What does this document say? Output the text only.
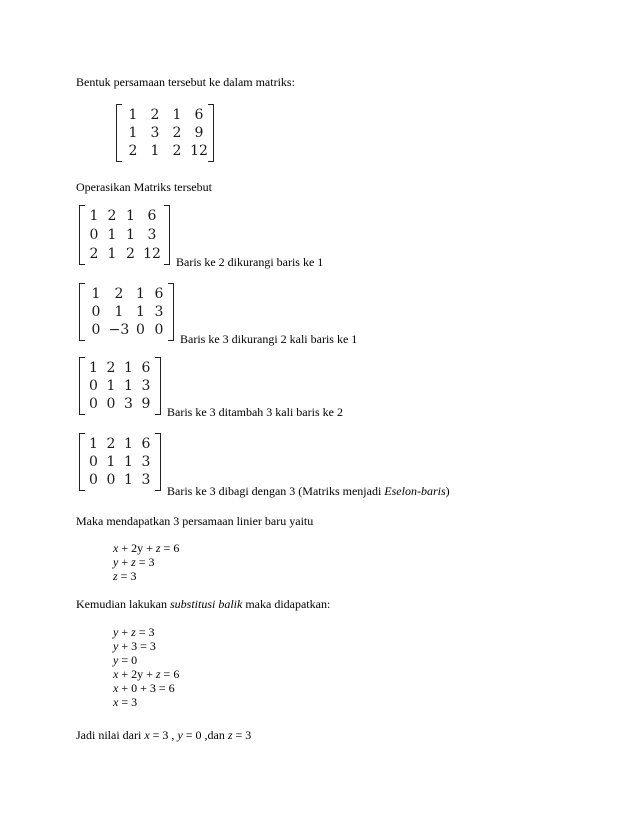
Bentuk persamaan tersebut ke dalam matriks:
1 2 1 6
1 3 2 9
2 1 2 12
Operasikan Matriks tersebut
1 2 1 6
0 1 1 3
2 1 2 12 Baris ke 2 dikurangi baris ke 1
1	2 1 6
0	1 1 3
0 −3 0 0
Baris ke 3 dikurangi 2 kali baris ke 1
1 2 1 6
0 1 1 3
0 0 3 9	Baris ke 3 ditambah 3 kali baris ke 2
1 2 1 6
0 1 1 3
0 0 1 3
Baris ke 3 dibagi dengan 3 (Matriks menjadi Eselon-baris)
Maka mendapatkan 3 persamaan linier baru yaitu
x + 2y + z = 6
y + z = 3
z = 3
Kemudian lakukan substitusi balik maka didapatkan:
y + z = 3
y + 3 = 3
y = 0
x + 2y + z = 6
x + 0 + 3 = 6
x = 3
Jadi nilai dari x = 3 , y = 0 ,dan z = 3
